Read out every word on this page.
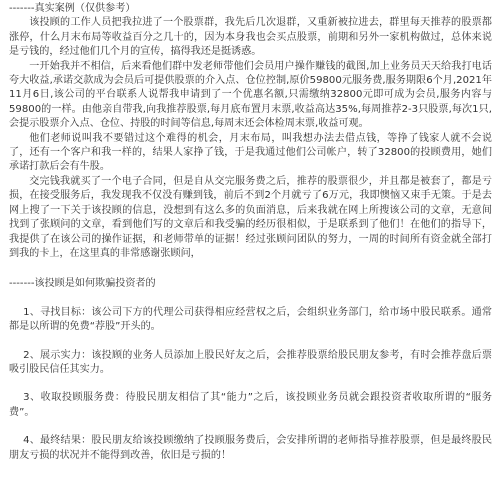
-------真实案例（仅供参考）

该投顾的工作人员把我拉进了一个股票群，我先后几次退群，又重新被拉进去，群里每天推荐的股票都涨停，什么月末布局等收益百分之几十的，因为本身我也会买点股票，前期和另外一家机构做过，总体来说是亏钱的，经过他们几个月的宣传，搞得我还是挺诱惑。

一开始我并不相信，后来看他们群中发老师带他们会员用户操作赚钱的截图,加上业务员天天给我打电话夸大收益,承诺交款成为会员后可提供股票的介入点、仓位控制,原价59800元服务费,服务期限6个月,2021年11月6日,该公司的平台联系人说帮我申请到了一个优惠名额,只需缴纳32800元即可成为会员,服务内容与59800的一样。由他亲自带我,向我推荐股票,每月底布置月末票,收益高达35%,每周推荐2-3只股票,每次1只,会提示股票介入点、仓位、持股的时间等信息,每周末还会体检周末票,收益可观。

他们老师说叫我不要错过这个难得的机会，月末布局，叫我想办法去借点钱，等挣了钱家人就不会说了，还有一个客户和我一样的，结果人家挣了钱，于是我通过他们公司帐户，转了32800的投顾费用，她们承诺打款后会有牛股。

交完钱我就买了一个电子合同，但是自从交完服务费之后，推荐的股票很少，并且都是被套了，都是亏损，在接受服务后，我发现我不仅没有赚到钱，前后不到2个月就亏了6万元，我即懊恼又束手无策。于是去网上搜了一下关于该投顾的信息，没想到有这么多的负面消息，后来我就在网上所搜该公司的文章，无意间找到了张顾问的文章，看到他们写的文章后和我受骗的经历很相似，于是联系到了他们！在他们的指导下，我提供了在该公司的操作证据，和老师带单的证据！经过张顾问团队的努力，一周的时间所有资金就全部打到我的卡上，在这里真的非常感谢张顾问，

-------该投顾是如何欺骗投资者的

1、寻找目标：该公司下方的代理公司获得相应经营权之后，会组织业务部门，给市场中股民联系。通常都是以所谓的免费“荐股”开头的。

2、展示实力：该投顾的业务人员添加上股民好友之后，会推荐股票给股民朋友参考，有时会推荐盘后票吸引股民信任其实力。

3、收取投顾服务费：待股民朋友相信了其“能力”之后，该投顾业务员就会跟投资者收取所谓的“服务费”。

4、最终结果：股民朋友给该投顾缴纳了投顾服务费后，会安排所谓的老师指导推荐股票，但是最终股民朋友亏损的状况并不能得到改善，依旧是亏损的！
